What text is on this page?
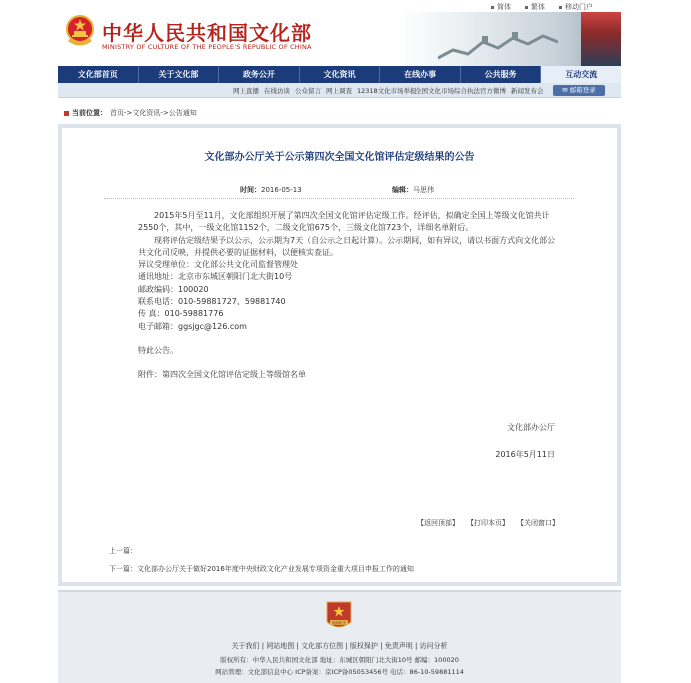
简体	繁体	移动门户
中华人民共和国文化部
MINISTRY OF CULTURE OF THE PEOPLE'S REPUBLIC OF CHINA
文化部首页	关于文化部	政务公开	文化资讯	在线办事	公共服务	互动交流
网上直播 在线访谈 公众留言 网上调查 12318文化市场举报
全国文化市场综合执法官方微博 新闻发布会	✉ 邮箱登录
当前位置： 首页->文化资讯->公告通知
文化部办公厅关于公示第四次全国文化馆评估定级结果的公告
时间：2016-05-13	编辑：马思伟

2015年5月至11月，文化部组织开展了第四次全国文化馆评估定级工作。经评估，拟确定全国上等级文化馆共计2550个，其中，一级文化馆1152个，二级文化馆675个，三级文化馆723个，详细名单附后。

现将评估定级结果予以公示，公示期为7天（自公示之日起计算）。公示期间，如有异议，请以书面方式向文化部公共文化司反映，并提供必要的证据材料，以便核实查证。

异议受理单位：文化部公共文化司监督管理处

通讯地址：北京市东城区朝阳门北大街10号

邮政编码：100020

联系电话：010-59881727、59881740

传 真：010-59881776

电子邮箱：ggsjgc@126.com

特此公告。

附件：第四次全国文化馆评估定级上等级馆名单

文化部办公厅
2016年5月11日
【返回顶部】 【打印本页】 【关闭窗口】
上一篇：
下一篇：文化部办公厅关于做好2016年度中央财政文化产业发展专项资金重大项目申报工作的通知
党政机关
关于我们 | 网站地图 | 文化部方位图 | 版权保护 | 免责声明 | 访问分析
版权所有：中华人民共和国文化部 地址：东城区朝阳门北大街10号 邮编：100020
网站管理：文化部信息中心 ICP备案：京ICP备05053456号 电话：86-10-59881114
